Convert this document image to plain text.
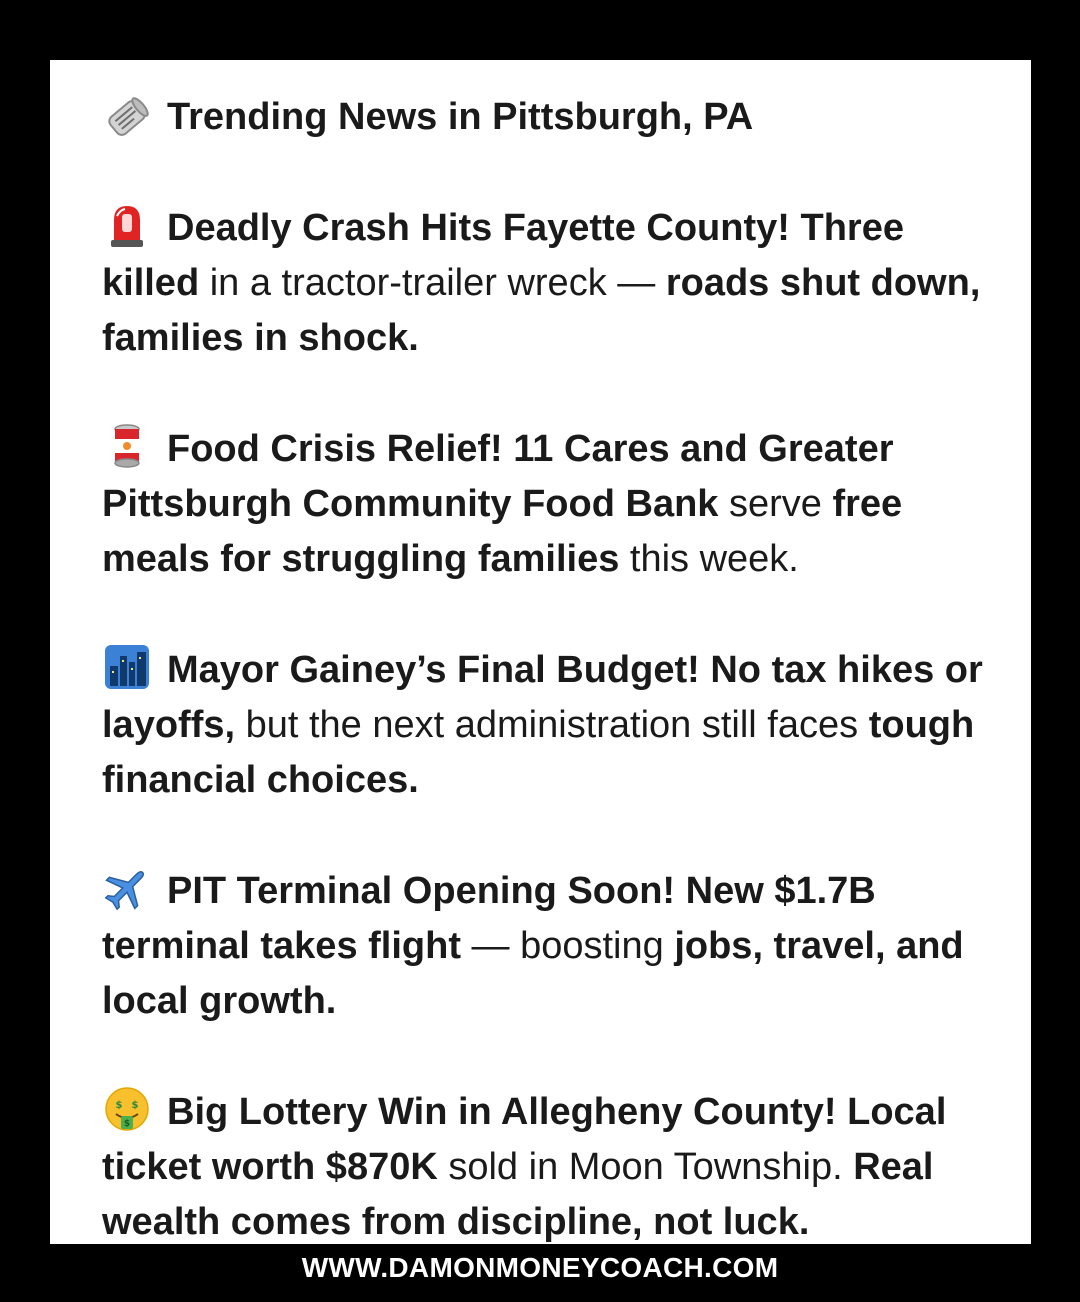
Trending News in Pittsburgh, PA
Deadly Crash Hits Fayette County! Three killed in a tractor-trailer wreck — roads shut down, families in shock.
Food Crisis Relief! 11 Cares and Greater Pittsburgh Community Food Bank serve free meals for struggling families this week.
Mayor Gainey’s Final Budget! No tax hikes or layoffs, but the next administration still faces tough financial choices.
PIT Terminal Opening Soon! New $1.7B terminal takes flight — boosting jobs, travel, and local growth.
$ $
$ Big Lottery Win in Allegheny County! Local ticket worth $870K sold in Moon Township. Real wealth comes from discipline, not luck.
WWW.DAMONMONEYCOACH.COM
